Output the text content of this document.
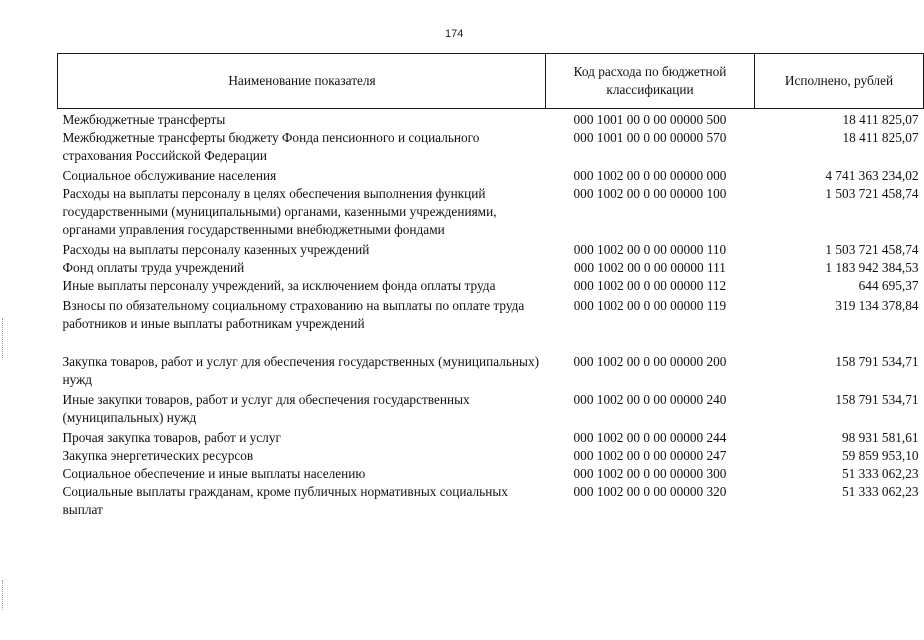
174
Наименование показателя	Код расхода по бюджетной классификации	Исполнено, рублей
Межбюджетные трансферты	000 1001 00 0 00 00000 500	18 411 825,07
Межбюджетные трансферты бюджету Фонда пенсионного и социального страхования Российской Федерации	000 1001 00 0 00 00000 570	18 411 825,07
Социальное обслуживание населения	000 1002 00 0 00 00000 000	4 741 363 234,02
Расходы на выплаты персоналу в целях обеспечения выполнения функций государственными (муниципальными) органами, казенными учреждениями, органами управления государственными внебюджетными фондами	000 1002 00 0 00 00000 100	1 503 721 458,74
Расходы на выплаты персоналу казенных учреждений	000 1002 00 0 00 00000 110	1 503 721 458,74
Фонд оплаты труда учреждений	000 1002 00 0 00 00000 111	1 183 942 384,53
Иные выплаты персоналу учреждений, за исключением фонда оплаты труда	000 1002 00 0 00 00000 112	644 695,37
Взносы по обязательному социальному страхованию на выплаты по оплате труда работников и иные выплаты работникам учреждений	000 1002 00 0 00 00000 119	319 134 378,84
Закупка товаров, работ и услуг для обеспечения государственных (муниципальных) нужд	000 1002 00 0 00 00000 200	158 791 534,71
Иные закупки товаров, работ и услуг для обеспечения государственных (муниципальных) нужд	000 1002 00 0 00 00000 240	158 791 534,71
Прочая закупка товаров, работ и услуг	000 1002 00 0 00 00000 244	98 931 581,61
Закупка энергетических ресурсов	000 1002 00 0 00 00000 247	59 859 953,10
Социальное обеспечение и иные выплаты населению	000 1002 00 0 00 00000 300	51 333 062,23
Социальные выплаты гражданам, кроме публичных нормативных социальных выплат	000 1002 00 0 00 00000 320	51 333 062,23
